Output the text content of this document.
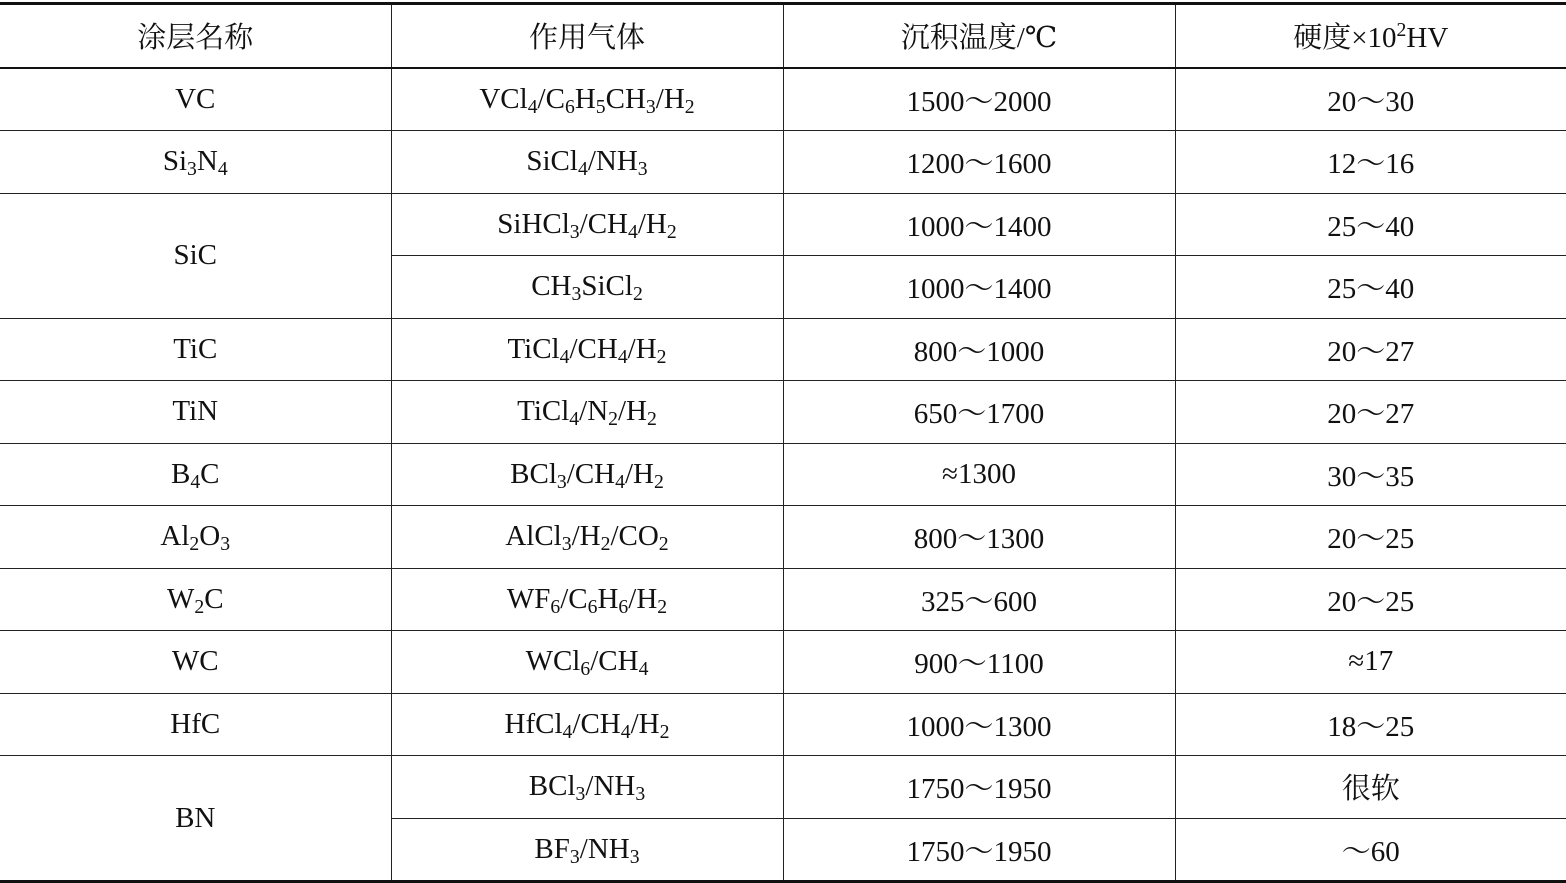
涂层名称	作用气体	沉积温度/℃	硬度$\times 10^2HV$
VC	$VCl_4/C_6H_5CH_3/H_2$	1500～2000	20～30
$Si_3N_4$	$SiCl_4/NH_3$	1200～1600	12～16
SiC	$SiHCl_3/CH_4/H_2$	1000～1400	25～40
	$CH_3SiCl_2$	1000～1400	25～40
TiC	$TiCl_4/CH_4/H_2$	800～1000	20～27
TiN	$TiCl_4/N_2/H_2$	650～1700	20～27
$B_4C$	$BCl_3/CH_4/H_2$	≈1300	30～35
$Al_2O_3$	$AlCl_3/H_2/CO_2$	800～1300	20～25
$W_2C$	$WF_6/C_6H_6/H_2$	325～600	20～25
WC	$WCl_6/CH_4$	900～1100	≈17
HfC	$HfCl_4/CH_4/H_2$	1000～1300	18～25
BN	$BCl_3/NH_3$	1750～1950	很软
	$BF_3/NH_3$	1750～1950	～60
